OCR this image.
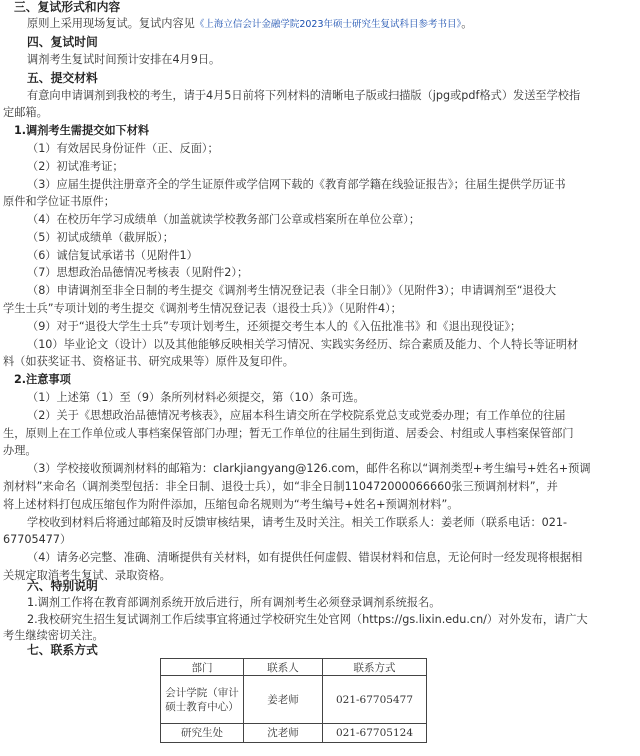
三、复试形式和内容
原则上采用现场复试。复试内容见《上海立信会计金融学院2023年硕士研究生复试科目参考书目》。
四、复试时间
调剂考生复试时间预计安排在4月9日。
五、提交材料
有意向申请调剂到我校的考生，请于4月5日前将下列材料的清晰电子版或扫描版（jpg或pdf格式）发送至学校指
定邮箱。
1.调剂考生需提交如下材料
（1）有效居民身份证件（正、反面）；
（2）初试准考证；
（3）应届生提供注册章齐全的学生证原件或学信网下载的《教育部学籍在线验证报告》；往届生提供学历证书
原件和学位证书原件；
（4）在校历年学习成绩单（加盖就读学校教务部门公章或档案所在单位公章）；
（5）初试成绩单（截屏版）；
（6）诚信复试承诺书（见附件1）
（7）思想政治品德情况考核表（见附件2）；
（8）申请调剂至非全日制的考生提交《调剂考生情况登记表（非全日制）》（见附件3）；申请调剂至“退役大
学生士兵”专项计划的考生提交《调剂考生情况登记表（退役士兵）》（见附件4）；
（9）对于“退役大学生士兵”专项计划考生，还须提交考生本人的《入伍批准书》和《退出现役证》；
（10）毕业论文（设计）以及其他能够反映相关学习情况、实践实务经历、综合素质及能力、个人特长等证明材
料（如获奖证书、资格证书、研究成果等）原件及复印件。
2.注意事项
（1）上述第（1）至（9）条所列材料必须提交，第（10）条可选。
（2）关于《思想政治品德情况考核表》，应届本科生请交所在学校院系党总支或党委办理；有工作单位的往届
生，原则上在工作单位或人事档案保管部门办理；暂无工作单位的往届生到街道、居委会、村组或人事档案保管部门
办理。
（3）学校接收预调剂材料的邮箱为：clarkjiangyang@126.com，邮件名称以“调剂类型+考生编号+姓名+预调
剂材料”来命名（调剂类型包括：非全日制、退役士兵），如“非全日制110472000066660张三预调剂材料”，并
将上述材料打包成压缩包作为附件添加，压缩包命名规则为“考生编号+姓名+预调剂材料”。
学校收到材料后将通过邮箱及时反馈审核结果，请考生及时关注。相关工作联系人：姜老师（联系电话：021-
67705477）
（4）请务必完整、准确、清晰提供有关材料，如有提供任何虚假、错误材料和信息，无论何时一经发现将根据相
关规定取消考生复试、录取资格。
六、特别说明
1.调剂工作将在教育部调剂系统开放后进行，所有调剂考生必须登录调剂系统报名。
2.我校研究生招生复试调剂工作后续事宜将通过学校研究生处官网（https://gs.lixin.edu.cn/）对外发布，请广大
考生继续密切关注。
部门	联系人	联系方式
会计学院（审计硕士教育中心）	姜老师	021-67705477
研究生处	沈老师	021-67705124
七、联系方式
